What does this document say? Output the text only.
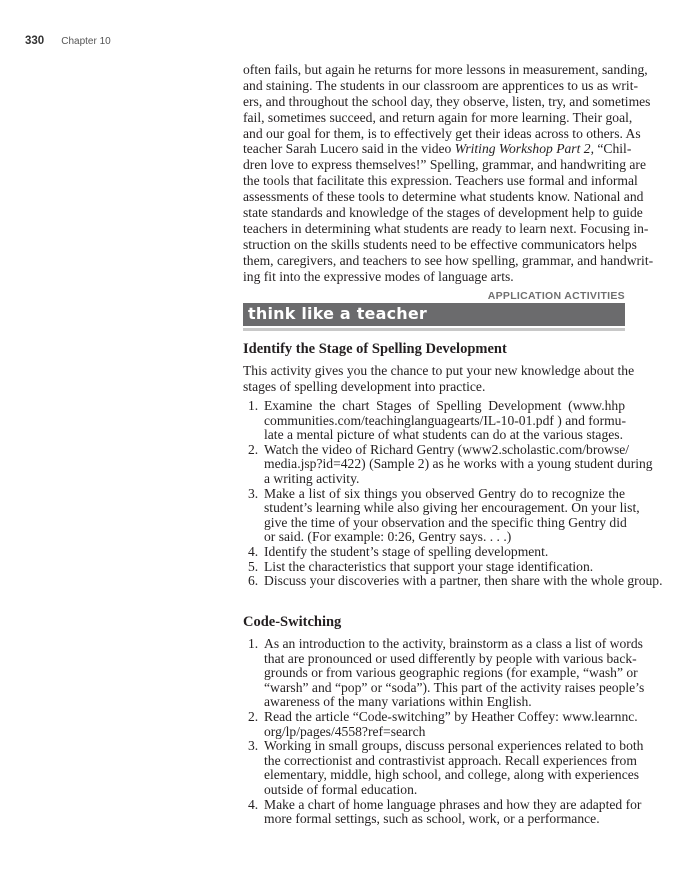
330 Chapter 10
often fails, but again he returns for more lessons in measurement, sanding,
and staining. The students in our classroom are apprentices to us as writ-
ers, and throughout the school day, they observe, listen, try, and sometimes
fail, sometimes succeed, and return again for more learning. Their goal,
and our goal for them, is to effectively get their ideas across to others. As
teacher Sarah Lucero said in the video Writing Workshop Part 2, “Chil-
dren love to express themselves!” Spelling, grammar, and handwriting are
the tools that facilitate this expression. Teachers use formal and informal
assessments of these tools to determine what students know. National and
state standards and knowledge of the stages of development help to guide
teachers in determining what students are ready to learn next. Focusing in-
struction on the skills students need to be effective communicators helps
them, caregivers, and teachers to see how spelling, grammar, and handwrit-
ing fit into the expressive modes of language arts.
APPLICATION ACTIVITIES
think like a teacher
Identify the Stage of Spelling Development
This activity gives you the chance to put your new knowledge about the
stages of spelling development into practice.
1. Examine the chart Stages of Spelling Development (www.hhp
communities.com/teachinglanguagearts/IL-10-01.pdf ) and formu-
late a mental picture of what students can do at the various stages.
2. Watch the video of Richard Gentry (www2.scholastic.com/browse/
media.jsp?id=422) (Sample 2) as he works with a young student during
a writing activity.
3. Make a list of six things you observed Gentry do to recognize the
student’s learning while also giving her encouragement. On your list,
give the time of your observation and the specific thing Gentry did
or said. (For example: 0:26, Gentry says. . . .)
4. Identify the student’s stage of spelling development.
5. List the characteristics that support your stage identification.
6. Discuss your discoveries with a partner, then share with the whole group.
Code-Switching
1. As an introduction to the activity, brainstorm as a class a list of words
that are pronounced or used differently by people with various back-
grounds or from various geographic regions (for example, “wash” or
“warsh” and “pop” or “soda”). This part of the activity raises people’s
awareness of the many variations within English.
2. Read the article “Code-switching” by Heather Coffey: www.learnnc.
org/lp/pages/4558?ref=search
3. Working in small groups, discuss personal experiences related to both
the correctionist and contrastivist approach. Recall experiences from
elementary, middle, high school, and college, along with experiences
outside of formal education.
4. Make a chart of home language phrases and how they are adapted for
more formal settings, such as school, work, or a performance.
